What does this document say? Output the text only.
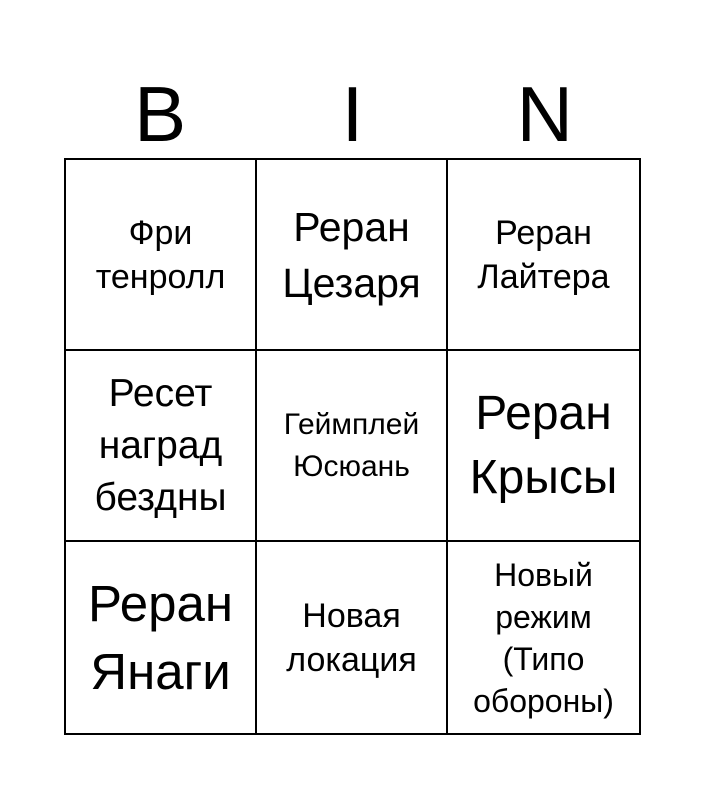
B	I	N
Фри
тенролл
Реран
Цезаря
Реран
Лайтера
Ресет
наград
бездны
Геймплей
Юсюань
Реран
Крысы
Реран
Янаги
Новая
локация
Новый
режим
(Типо
обороны)
